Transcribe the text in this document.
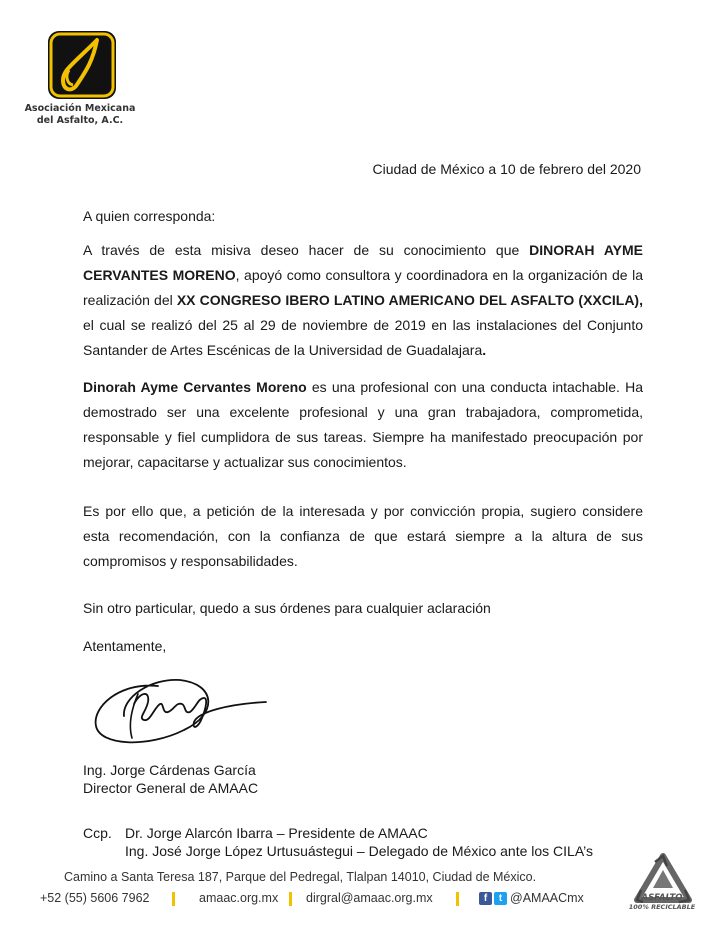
Asociación Mexicana
del Asfalto, A.C.
Ciudad de México a 10 de febrero del 2020
A quien corresponda:
A través de esta misiva deseo hacer de su conocimiento que DINORAH AYME CERVANTES MORENO, apoyó como consultora y coordinadora en la organización de la realización del XX CONGRESO IBERO LATINO AMERICANO DEL ASFALTO (XXCILA), el cual se realizó del 25 al 29 de noviembre de 2019 en las instalaciones del Conjunto Santander de Artes Escénicas de la Universidad de Guadalajara.
Dinorah Ayme Cervantes Moreno es una profesional con una conducta intachable. Ha demostrado ser una excelente profesional y una gran trabajadora, comprometida, responsable y fiel cumplidora de sus tareas. Siempre ha manifestado preocupación por mejorar, capacitarse y actualizar sus conocimientos.
Es por ello que, a petición de la interesada y por convicción propia, sugiero considere esta recomendación, con la confianza de que estará siempre a la altura de sus compromisos y responsabilidades.
Sin otro particular, quedo a sus órdenes para cualquier aclaración
Atentamente,
Ing. Jorge Cárdenas García
Director General de AMAAC
Ccp. Dr. Jorge Alarcón Ibarra – Presidente de AMAAC
Ing. José Jorge López Urtusuástegui – Delegado de México ante los CILA’s
Camino a Santa Teresa 187, Parque del Pedregal, Tlalpan 14010, Ciudad de México.
+52 (55) 5606 7962	amaac.org.mx dirgral@amaac.org.mx	f t @AMAACmx	ASFALTO
100% RECICLABLE
